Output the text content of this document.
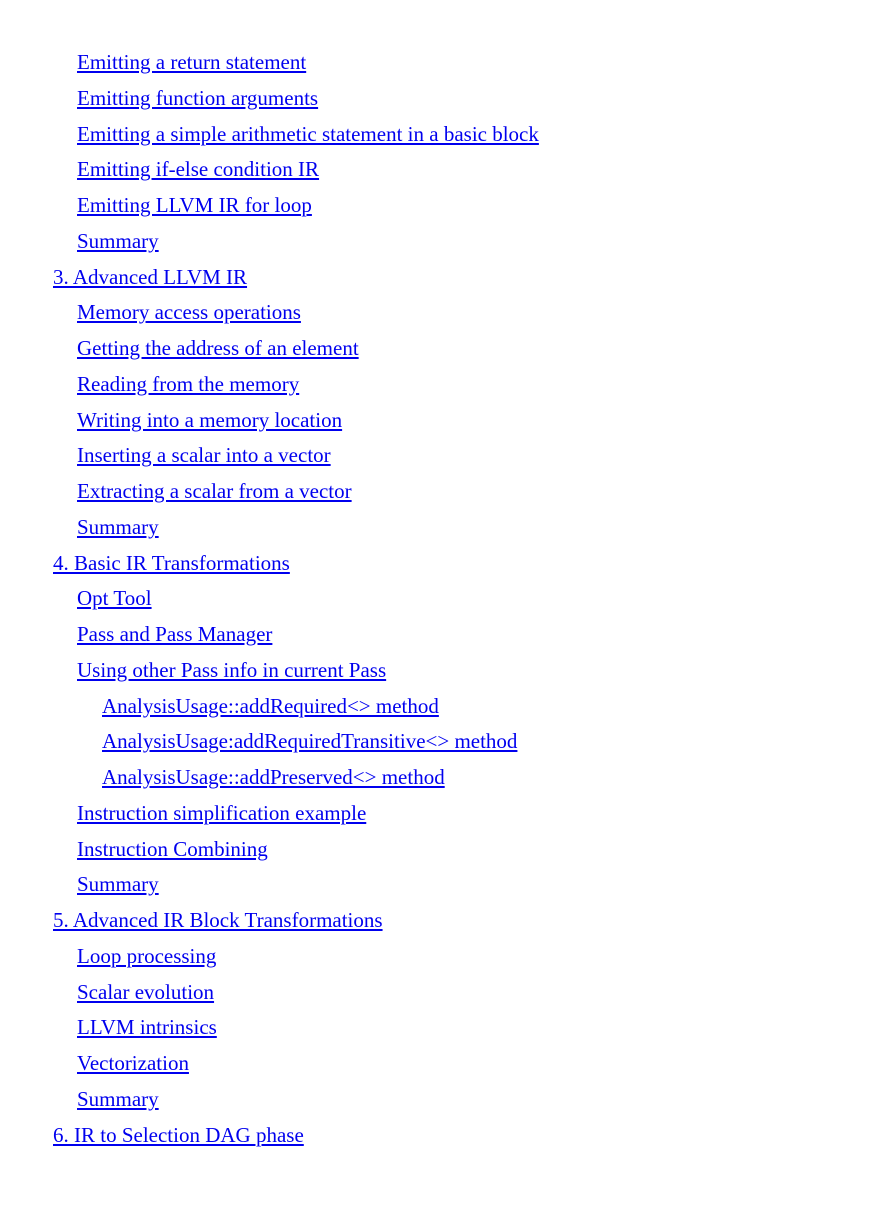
Emitting a return statement
Emitting function arguments
Emitting a simple arithmetic statement in a basic block
Emitting if-else condition IR
Emitting LLVM IR for loop
Summary
3. Advanced LLVM IR
Memory access operations
Getting the address of an element
Reading from the memory
Writing into a memory location
Inserting a scalar into a vector
Extracting a scalar from a vector
Summary
4. Basic IR Transformations
Opt Tool
Pass and Pass Manager
Using other Pass info in current Pass
AnalysisUsage::addRequired<> method
AnalysisUsage:addRequiredTransitive<> method
AnalysisUsage::addPreserved<> method
Instruction simplification example
Instruction Combining
Summary
5. Advanced IR Block Transformations
Loop processing
Scalar evolution
LLVM intrinsics
Vectorization
Summary
6. IR to Selection DAG phase
